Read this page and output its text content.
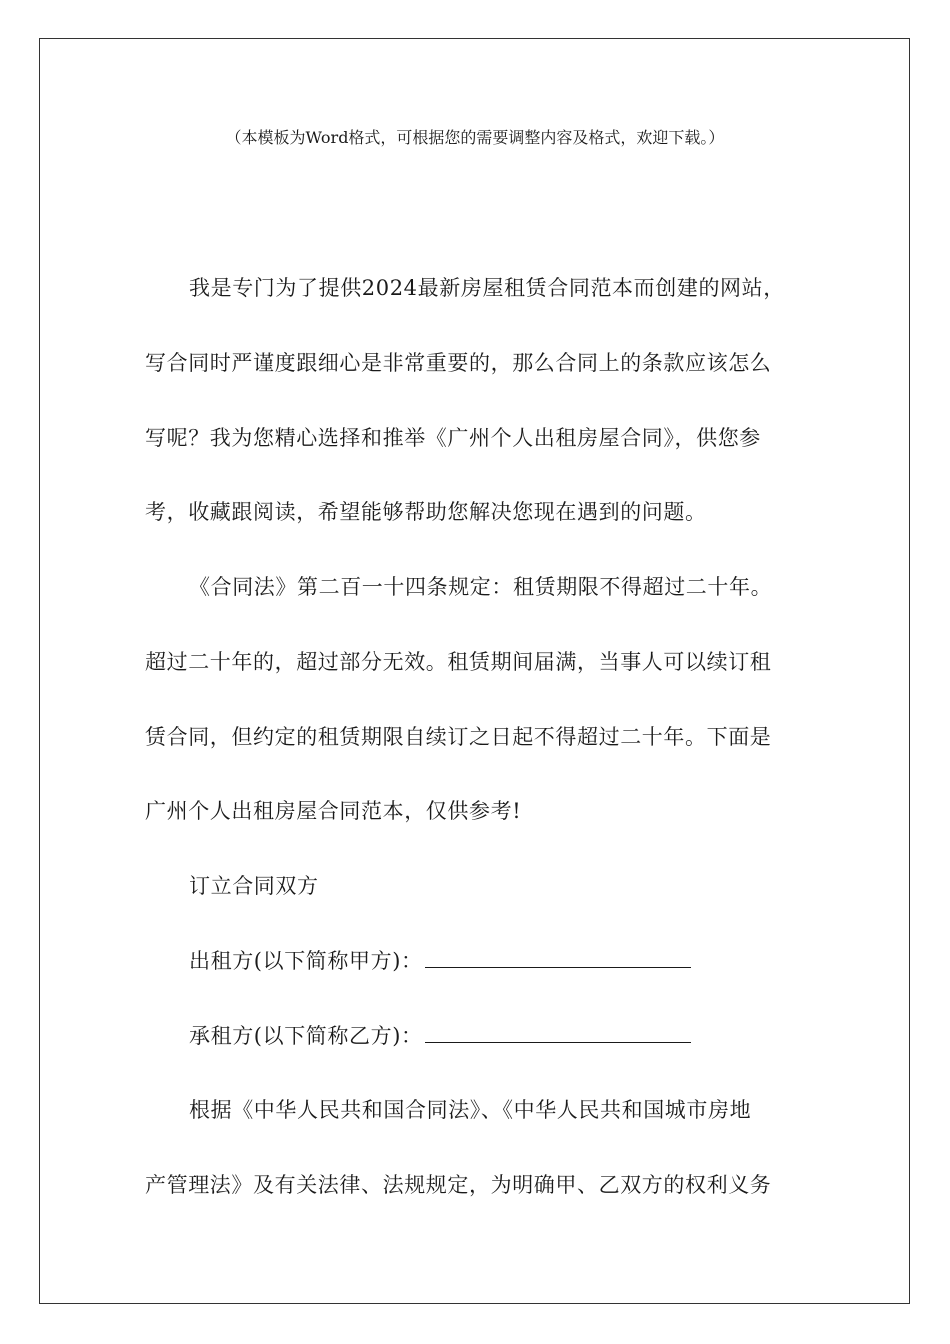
（本模板为Word格式，可根据您的需要调整内容及格式，欢迎下载。）
我是专门为了提供2024最新房屋租赁合同范本而创建的网站，
写合同时严谨度跟细心是非常重要的，那么合同上的条款应该怎么
写呢？我为您精心选择和推举《广州个人出租房屋合同》，供您参
考，收藏跟阅读，希望能够帮助您解决您现在遇到的问题。
《合同法》第二百一十四条规定：租赁期限不得超过二十年。
超过二十年的，超过部分无效。租赁期间届满，当事人可以续订租
赁合同，但约定的租赁期限自续订之日起不得超过二十年。下面是
广州个人出租房屋合同范本，仅供参考!
订立合同双方
出租方(以下简称甲方)：
承租方(以下简称乙方)：
根据《中华人民共和国合同法》、《中华人民共和国城市房地
产管理法》及有关法律、法规规定，为明确甲、乙双方的权利义务
